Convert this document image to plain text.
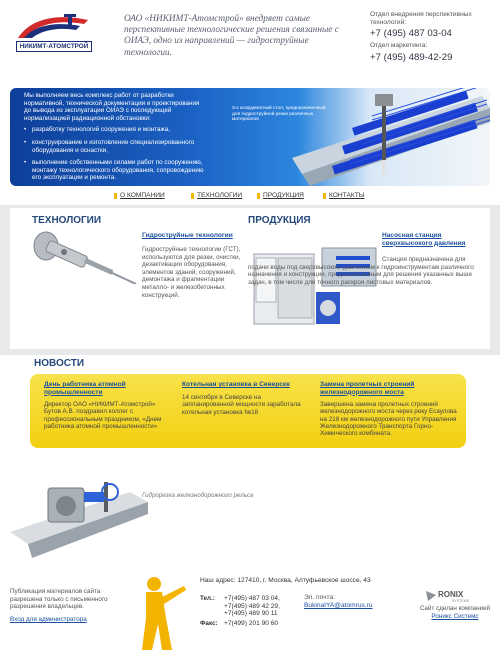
НИКИМТ-АТОМСТРОЙ
ОАО «НИКИМТ-Атомстрой» внедряет самые перспективные технологические решения связанные с ОИАЭ, одно из направлений — гидроструйные технологии.
Отдел внедрения перспективных технологий:
+7 (495) 487 03-04
Отдел маркетинга:
+7 (495) 489-42-29
Мы выполняем весь комплекс работ от разработки нормативной, технической документации и проектирования до вывода из эксплуатации ОИАЭ с последующей нормализацией радиационной обстановки:
• разработку технологий сооружения и монтажа,
• конструирование и изготовление специализированного оборудования и оснастки,
• выполнение собственными силами работ по сооружению, монтажу технологического оборудования, сопровождению его эксплуатации и ремонта.
3-х координатный стол, предназначенный для гидроструйной резки различных материалов
О КОМПАНИИ	ТЕХНОЛОГИИ	ПРОДУКЦИЯ	КОНТАКТЫ
ТЕХНОЛОГИИ
Гидроструйные технологии
Гидроструйные технологии (ГСТ), используются для резки, очистки, дезактивации оборудования, элементов зданий, сооружений, демонтажа и фрагментации металло- и железобетонных конструкций.
ПРОДУКЦИЯ
Насосная станция сверхвысокого давления
Станция предназначена для подачи воды под сверхвысоким давлением к гидроинструментам различного назначения и конструкции, предназначенным для решения указанных выше задач, в том числе для точного раскроя листовых материалов.
НОВОСТИ
День работника атомной промышленности
Директор ОАО «НИКИМТ-Атомстрой» Бутов А.В. поздравил коллег с профессиональным праздником, «Днем работника атомной промышленности»
Котельная установка в Северске
14 сентября в Северске на запланированной мощности заработала котельная установка №18
Замена пролетных строений железнодорожного моста
Завершена замена пролетных строений железнодорожного моста через реку Есаулова на 218 км железнодорожного пути Управления Железнодорожного Транспорта Горно-Химического комбината.
Гидрорезка железнодорожного рельса
Публикация материалов сайта разрешена только с письменного разрешения владельцев.
Вход для администратора
Наш адрес: 127410, г. Москва, Алтуфьевское шоссе, 43
Тел.: +7(495) 487 03 04,
+7(495) 489 42 29,
+7(495) 489 90 11
Факс: +7(499) 201 90 60
Эл. почта:
BukinaIYA@atomrus.ru
RONIX
SYSTEMS
Сайт сделан компанией
Роникс Системс
